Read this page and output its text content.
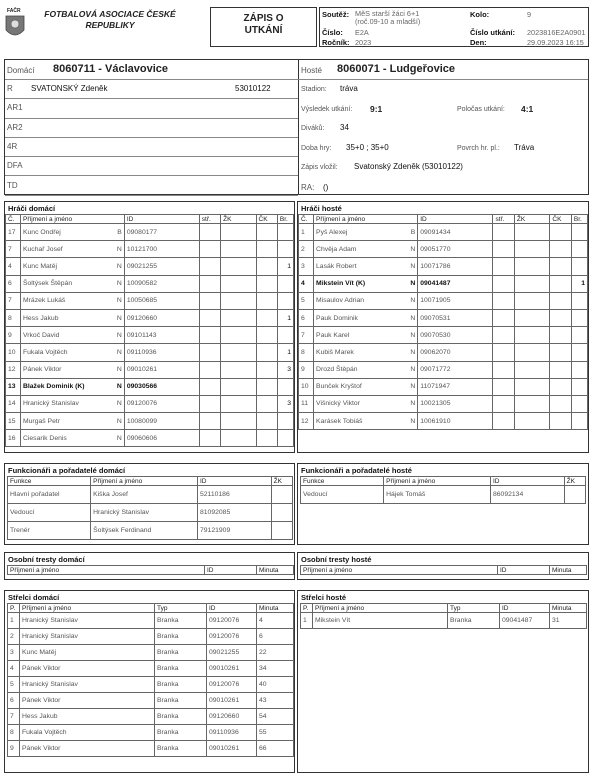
FAČR	FOTBALOVÁ ASOCIACE ČESKÉ REPUBLIKY
ZÁPIS O UTKÁNÍ
Soutěž: MěS starší žáci 6+1 (roč.09-10 a mladší)
Číslo: E2A
Ročník: 2023
Kolo:	9
Číslo utkání: 2023816E2A0901
Den:	29.09.2023 16:15
Domácí 8060711 - Václavovice	Hosté 8060071 - Ludgeřovice
R SVATONSKÝ Zdeněk	53010122
AR1
AR2
4R
DFA
TD
Stadion: tráva
Výsledek utkání: 9:1	Poločas utkání: 4:1
Diváků: 34
Doba hry: 35+0 ; 35+0	Povrch hr. pl.: Tráva
Zápis vložil: Svatonský Zdeněk (53010122)
RA: ()
Hráči domácí
Č.	Příjmení a jméno	ID	stř.	ŽK	ČK	Br.
17	Kunc Ondřej B	09080177				
7	Kuchař Josef N	10121700				
4	Kunc Matěj N	09021255				1
6	Šoltýsek Štěpán N	10090582				
7	Mrázek Lukáš N	10050685				
8	Hess Jakub N	09120660				1
9	Vrkoč David N	09101143				
10	Fukala Vojtěch N	09110936				1
12	Pánek Viktor N	09010261				3
13	Blažek Dominik (K) N	09030566				
14	Hranický Stanislav N	09120076				3
15	Murgaš Petr N	10080099				
16	Ciesarik Denis N	09060606				
Hráči hosté
Č.	Příjmení a jméno	ID	stř.	ŽK	ČK	Br.
1	Pyš Alexej B	09091434				
2	Chvěja Adam N	09051770				
3	Lasák Robert N	10071786				
4	Mikstein Vít (K) N	09041487				1
5	Misaulov Adrian N	10071905				
6	Pauk Dominik N	09070531				
7	Pauk Karel N	09070530				
8	Kubiš Marek N	09062070				
9	Drozd Štěpán N	09071772				
10	Bunček Kryštof N	11071947				
11	Višnický Viktor N	10021305				
12	Karásek Tobiáš N	10061910				
Funkcionáři a pořadatelé domácí
Funkce	Příjmení a jméno	ID	ŽK
Hlavní pořadatel	Kiška Josef	52110186	
Vedoucí	Hranický Stanislav	81092085	
Trenér	Šoltýsek Ferdinand	79121909	
Funkcionáři a pořadatelé hosté
Funkce	Příjmení a jméno	ID	ŽK
Vedoucí	Hájek Tomáš	86092134	
Osobní tresty domácí
Příjmení a jméno	ID	Minuta
Osobní tresty hosté
Příjmení a jméno	ID	Minuta
Střelci domácí
P.	Příjmení a jméno	Typ	ID	Minuta
1	Hranický Stanislav	Branka	09120076	4
2	Hranický Stanislav	Branka	09120076	6
3	Kunc Matěj	Branka	09021255	22
4	Pánek Viktor	Branka	09010261	34
5	Hranický Stanislav	Branka	09120076	40
6	Pánek Viktor	Branka	09010261	43
7	Hess Jakub	Branka	09120660	54
8	Fukala Vojtěch	Branka	09110936	55
9	Pánek Viktor	Branka	09010261	66
Střelci hosté
P.	Příjmení a jméno	Typ	ID	Minuta
1	Mikstein Vít	Branka	09041487	31
